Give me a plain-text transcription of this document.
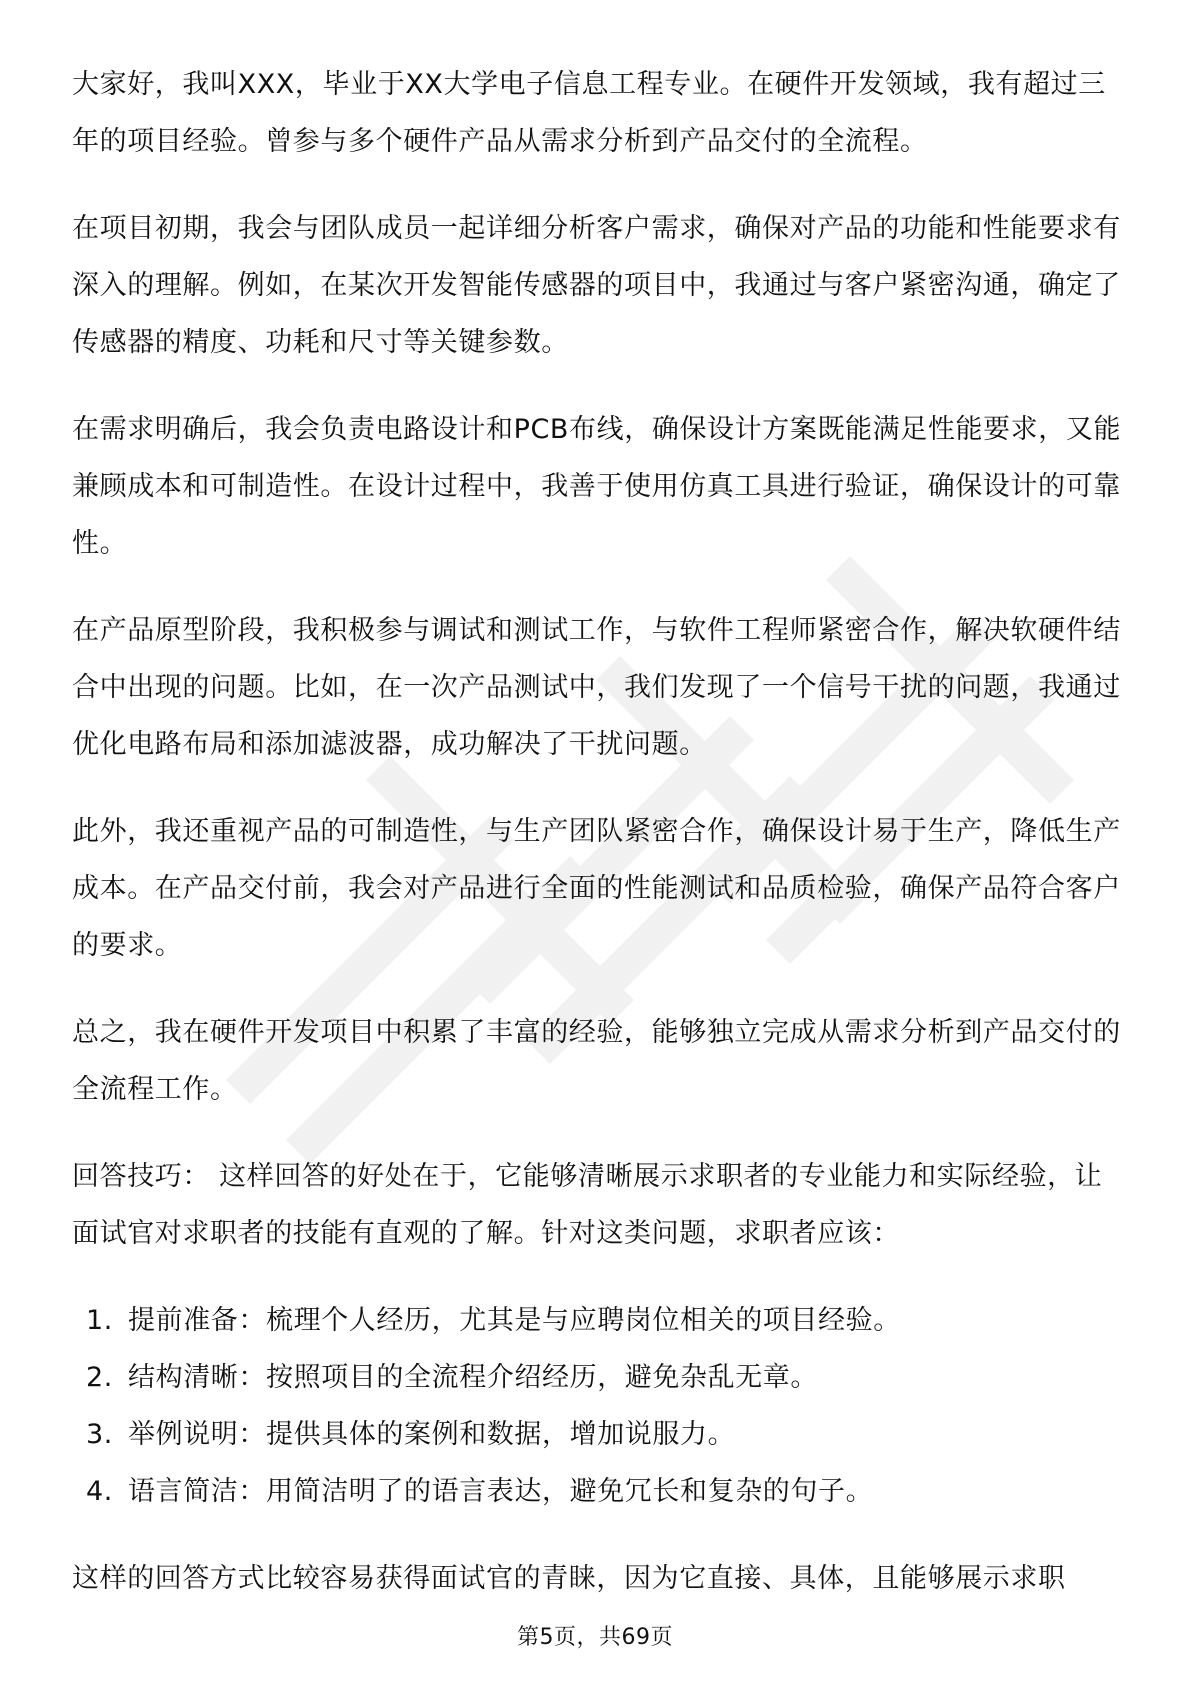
大家好，我叫XXX，毕业于XX大学电子信息工程专业。在硬件开发领域，我有超过三年的项目经验。曾参与多个硬件产品从需求分析到产品交付的全流程。

在项目初期，我会与团队成员一起详细分析客户需求，确保对产品的功能和性能要求有深入的理解。例如，在某次开发智能传感器的项目中，我通过与客户紧密沟通，确定了传感器的精度、功耗和尺寸等关键参数。

在需求明确后，我会负责电路设计和PCB布线，确保设计方案既能满足性能要求，又能兼顾成本和可制造性。在设计过程中，我善于使用仿真工具进行验证，确保设计的可靠性。

在产品原型阶段，我积极参与调试和测试工作，与软件工程师紧密合作，解决软硬件结合中出现的问题。比如，在一次产品测试中，我们发现了一个信号干扰的问题，我通过优化电路布局和添加滤波器，成功解决了干扰问题。

此外，我还重视产品的可制造性，与生产团队紧密合作，确保设计易于生产，降低生产成本。在产品交付前，我会对产品进行全面的性能测试和品质检验，确保产品符合客户的要求。

总之，我在硬件开发项目中积累了丰富的经验，能够独立完成从需求分析到产品交付的全流程工作。

回答技巧： 这样回答的好处在于，它能够清晰展示求职者的专业能力和实际经验，让面试官对求职者的技能有直观的了解。针对这类问题，求职者应该：

1. 提前准备：梳理个人经历，尤其是与应聘岗位相关的项目经验。
2. 结构清晰：按照项目的全流程介绍经历，避免杂乱无章。
3. 举例说明：提供具体的案例和数据，增加说服力。
4. 语言简洁：用简洁明了的语言表达，避免冗长和复杂的句子。

这样的回答方式比较容易获得面试官的青睐，因为它直接、具体，且能够展示求职

第5页，共69页
